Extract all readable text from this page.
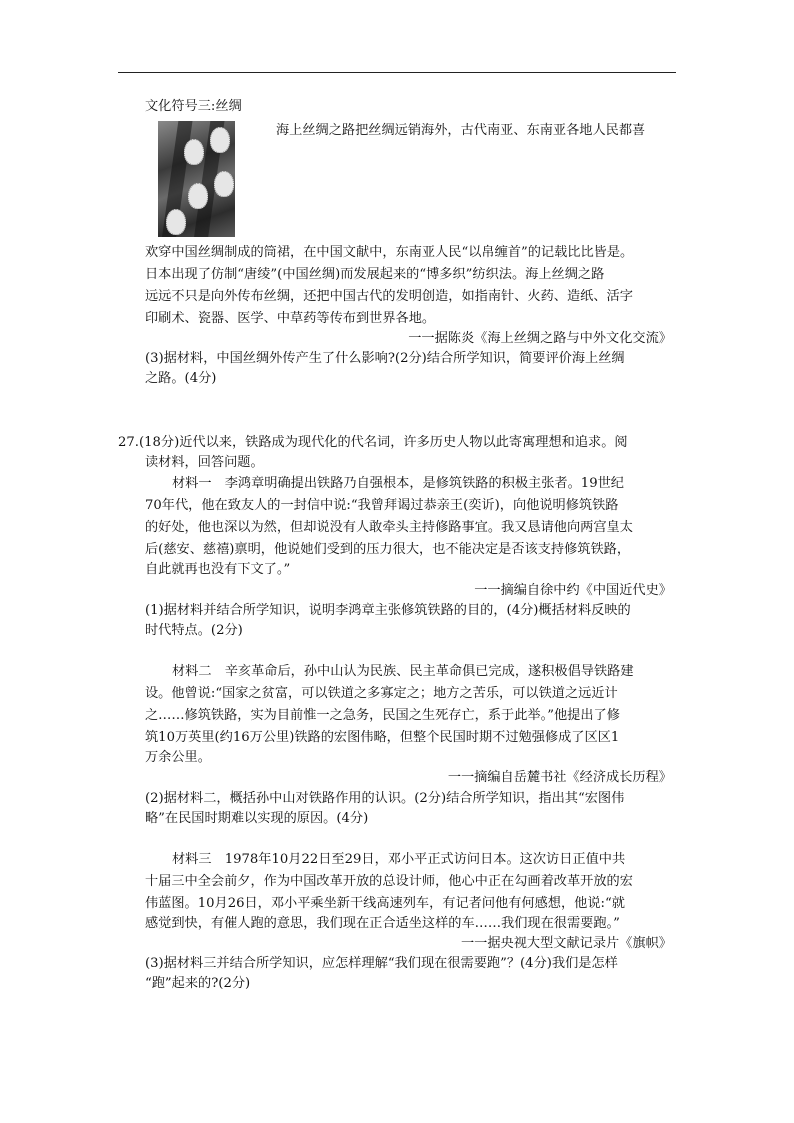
文化符号三:丝绸
海上丝绸之路把丝绸远销海外，古代南亚、东南亚各地人民都喜
欢穿中国丝绸制成的筒裙，在中国文献中，东南亚人民“以帛缠首”的记载比比皆是。
日本出现了仿制“唐绫”(中国丝绸)而发展起来的“博多织”纺织法。海上丝绸之路
远远不只是向外传布丝绸，还把中国古代的发明创造，如指南针、火药、造纸、活字
印刷术、瓷器、医学、中草药等传布到世界各地。
一一据陈炎《海上丝绸之路与中外文化交流》
(3)据材料，中国丝绸外传产生了什么影响?(2分)结合所学知识，简要评价海上丝绸
之路。(4分)
27.(18分)近代以来，铁路成为现代化的代名词，许多历史人物以此寄寓理想和追求。阅
读材料，回答问题。
材料一　李鸿章明确提出铁路乃自强根本，是修筑铁路的积极主张者。19世纪
70年代，他在致友人的一封信中说:“我曾拜谒过恭亲王(奕䜣)，向他说明修筑铁路
的好处，他也深以为然，但却说没有人敢牵头主持修路事宜。我又恳请他向两宫皇太
后(慈安、慈禧)禀明，他说她们受到的压力很大，也不能决定是否该支持修筑铁路，
自此就再也没有下文了。”
一一摘编自徐中约《中国近代史》
(1)据材料并结合所学知识，说明李鸿章主张修筑铁路的目的，(4分)概括材料反映的
时代特点。(2分)
材料二　辛亥革命后，孙中山认为民族、民主革命俱已完成，遂积极倡导铁路建
设。他曾说:“国家之贫富，可以铁道之多寡定之；地方之苦乐，可以铁道之远近计
之……修筑铁路，实为目前惟一之急务，民国之生死存亡，系于此举。”他提出了修
筑10万英里(约16万公里)铁路的宏图伟略，但整个民国时期不过勉强修成了区区1
万余公里。
一一摘编自岳麓书社《经济成长历程》
(2)据材料二，概括孙中山对铁路作用的认识。(2分)结合所学知识，指出其“宏图伟
略”在民国时期难以实现的原因。(4分)
材料三　1978年10月22日至29日，邓小平正式访问日本。这次访日正值中共
十届三中全会前夕，作为中国改革开放的总设计师，他心中正在勾画着改革开放的宏
伟蓝图。10月26日，邓小平乘坐新干线高速列车，有记者问他有何感想，他说:“就
感觉到快，有催人跑的意思，我们现在正合适坐这样的车……我们现在很需要跑。”
一一据央视大型文献记录片《旗帜》
(3)据材料三并结合所学知识，应怎样理解“我们现在很需要跑”？(4分)我们是怎样
“跑”起来的?(2分)
